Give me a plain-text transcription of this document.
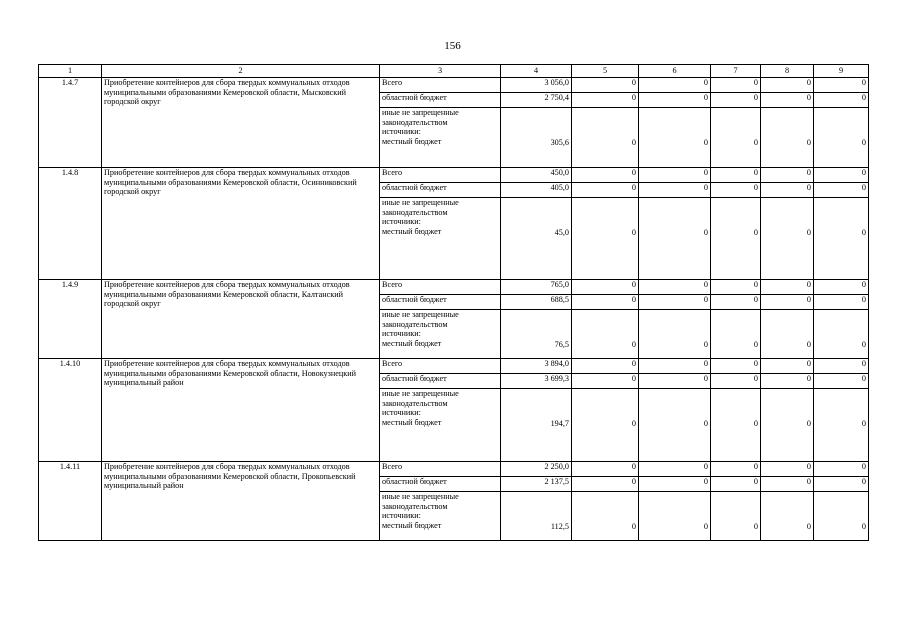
156
1	2	3	4	5	6	7	8	9
1.4.7	Приобретение контейнеров для сбора твердых коммунальных отходов муниципальными образованиями Кемеровской области, Мысковский городской округ	Всего	3 056,0	0	0	0	0	0
		областной бюджет	2 750,4	0	0	0	0	0

		иные не запрещенные
законодательством
источники:
местный бюджет	305,6	0	0	0	0	0
1.4.8	Приобретение контейнеров для сбора твердых коммунальных отходов муниципальными образованиями Кемеровской области, Осинниковский городской округ	Всего	450,0	0	0	0	0	0
		областной бюджет	405,0	0	0	0	0	0

		иные не запрещенные
законодательством
источники:
местный бюджет	45,0	0	0	0	0	0
1.4.9	Приобретение контейнеров для сбора твердых коммунальных отходов муниципальными образованиями Кемеровской области, Калтанский городской округ	Всего	765,0	0	0	0	0	0
		областной бюджет	688,5	0	0	0	0	0

		иные не запрещенные
законодательством
источники:
местный бюджет	76,5	0	0	0	0	0
1.4.10	Приобретение контейнеров для сбора твердых коммунальных отходов муниципальными образованиями Кемеровской области, Новокузнецкий муниципальный район	Всего	3 894,0	0	0	0	0	0
		областной бюджет	3 699,3	0	0	0	0	0

		иные не запрещенные
законодательством
источники:
местный бюджет	194,7	0	0	0	0	0
1.4.11	Приобретение контейнеров для сбора твердых коммунальных отходов муниципальными образованиями Кемеровской области, Прокопьевский муниципальный район	Всего	2 250,0	0	0	0	0	0
		областной бюджет	2 137,5	0	0	0	0	0

		иные не запрещенные
законодательством
источники:
местный бюджет	112,5	0	0	0	0	0
